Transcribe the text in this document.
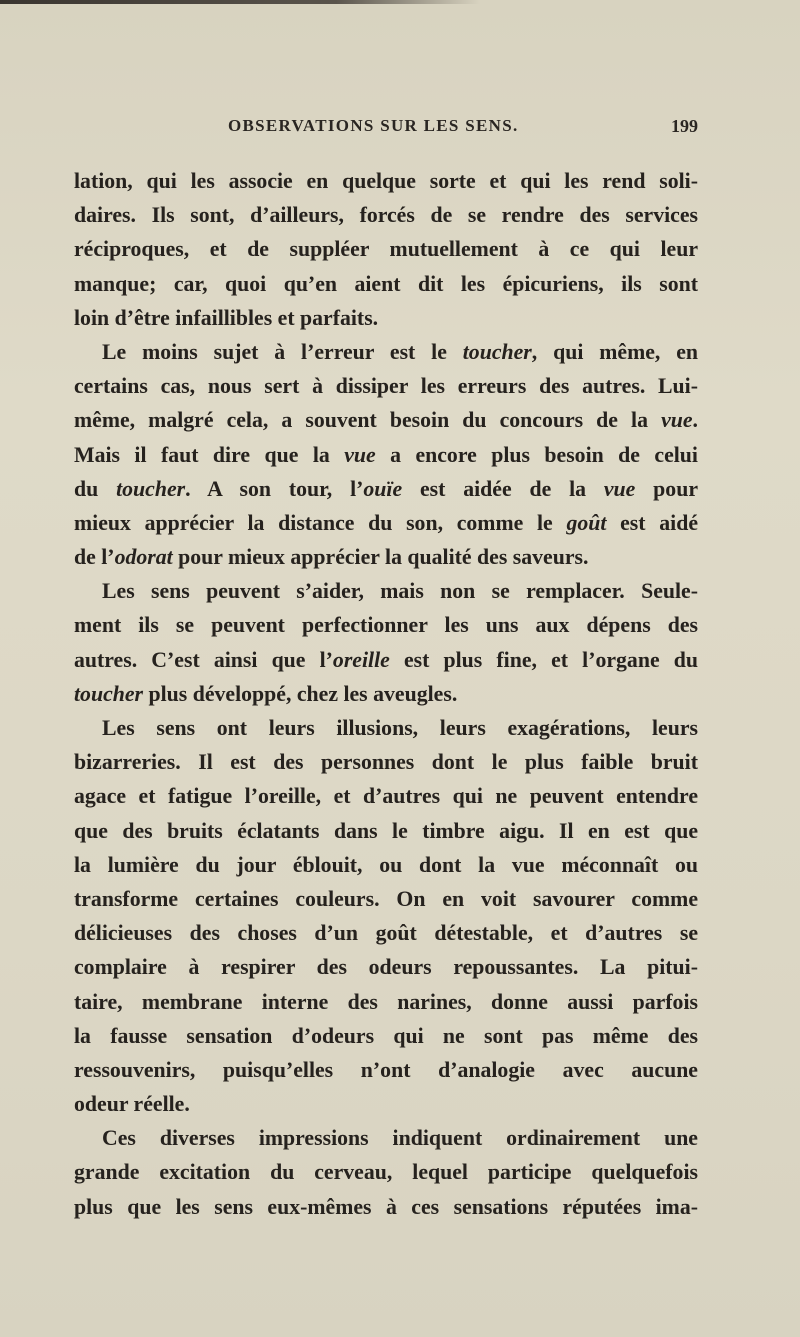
OBSERVATIONS SUR LES SENS.	199
lation, qui les associe en quelque sorte et qui les rend soli-
daires. Ils sont, d’ailleurs, forcés de se rendre des services
réciproques, et de suppléer mutuellement à ce qui leur
manque; car, quoi qu’en aient dit les épicuriens, ils sont
loin d’être infaillibles et parfaits.
Le moins sujet à l’erreur est le toucher, qui même, en
certains cas, nous sert à dissiper les erreurs des autres. Lui-
même, malgré cela, a souvent besoin du concours de la vue.
Mais il faut dire que la vue a encore plus besoin de celui
du toucher. A son tour, l’ouïe est aidée de la vue pour
mieux apprécier la distance du son, comme le goût est aidé
de l’odorat pour mieux apprécier la qualité des saveurs.
Les sens peuvent s’aider, mais non se remplacer. Seule-
ment ils se peuvent perfectionner les uns aux dépens des
autres. C’est ainsi que l’oreille est plus fine, et l’organe du
toucher plus développé, chez les aveugles.
Les sens ont leurs illusions, leurs exagérations, leurs
bizarreries. Il est des personnes dont le plus faible bruit
agace et fatigue l’oreille, et d’autres qui ne peuvent entendre
que des bruits éclatants dans le timbre aigu. Il en est que
la lumière du jour éblouit, ou dont la vue méconnaît ou
transforme certaines couleurs. On en voit savourer comme
délicieuses des choses d’un goût détestable, et d’autres se
complaire à respirer des odeurs repoussantes. La pitui-
taire, membrane interne des narines, donne aussi parfois
la fausse sensation d’odeurs qui ne sont pas même des
ressouvenirs, puisqu’elles n’ont d’analogie avec aucune
odeur réelle.
Ces diverses impressions indiquent ordinairement une
grande excitation du cerveau, lequel participe quelquefois
plus que les sens eux-mêmes à ces sensations réputées ima-
